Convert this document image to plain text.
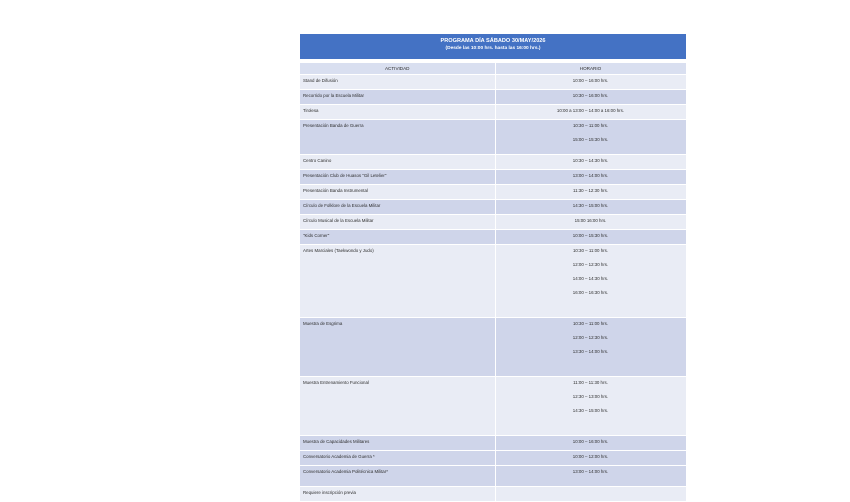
PROGRAMA DÍA SÁBADO 30/MAY/2026
(Desde las 10:00 hrs. hasta las 16:00 hrs.)
ACTIVIDAD	HORARIO
Stand de Difusión	10:00 – 16:00 hrs.

Recorrido por la Escuela Militar	10:30 – 16:00 hrs.

Tirolesa	10:00 a 13:00 – 14:00 a 16:00 hrs.

Presentación Banda de Guerra	10:30 – 11:00 hrs.
15:00 – 15:30 hrs.

Centro Canino	10:30 – 14:30 hrs.

Presentación Club de Huasos "Gil Letelier"	13:00 – 14:00 hrs.

Presentación Banda Instrumental	11:30 – 12:30 hrs.

Círculo de Folklore de la Escuela Militar	14:30 – 15:00 hrs.

Círculo Musical de la Escuela Militar	15:00 16:00 hrs.

"Kids Corner"	10:00 – 15:30 hrs.

Artes Marciales (Taekwondo y Judo)	10:30 – 11:00 hrs.
12:00 – 12:30 hrs.
14:00 – 14:30 hrs.
16:00 – 16:30 hrs.

Muestra de Esgrima	10:30 – 11:00 hrs.
12:00 – 12:30 hrs.
13:30 – 14:00 hrs.

Muestra Entrenamiento Funcional	11:00 – 11:30 hrs.
12:30 – 13:00 hrs.
14:30 – 15:00 hrs.

Muestra de Capacidades Militares	10:00 – 16:00 hrs.

Conversatorio Academia de Guerra *	10:00 – 12:00 hrs.

Conversatorio Academia Politécnica Militar*	13:00 – 14:00 hrs.

Requiere inscripción previa	
